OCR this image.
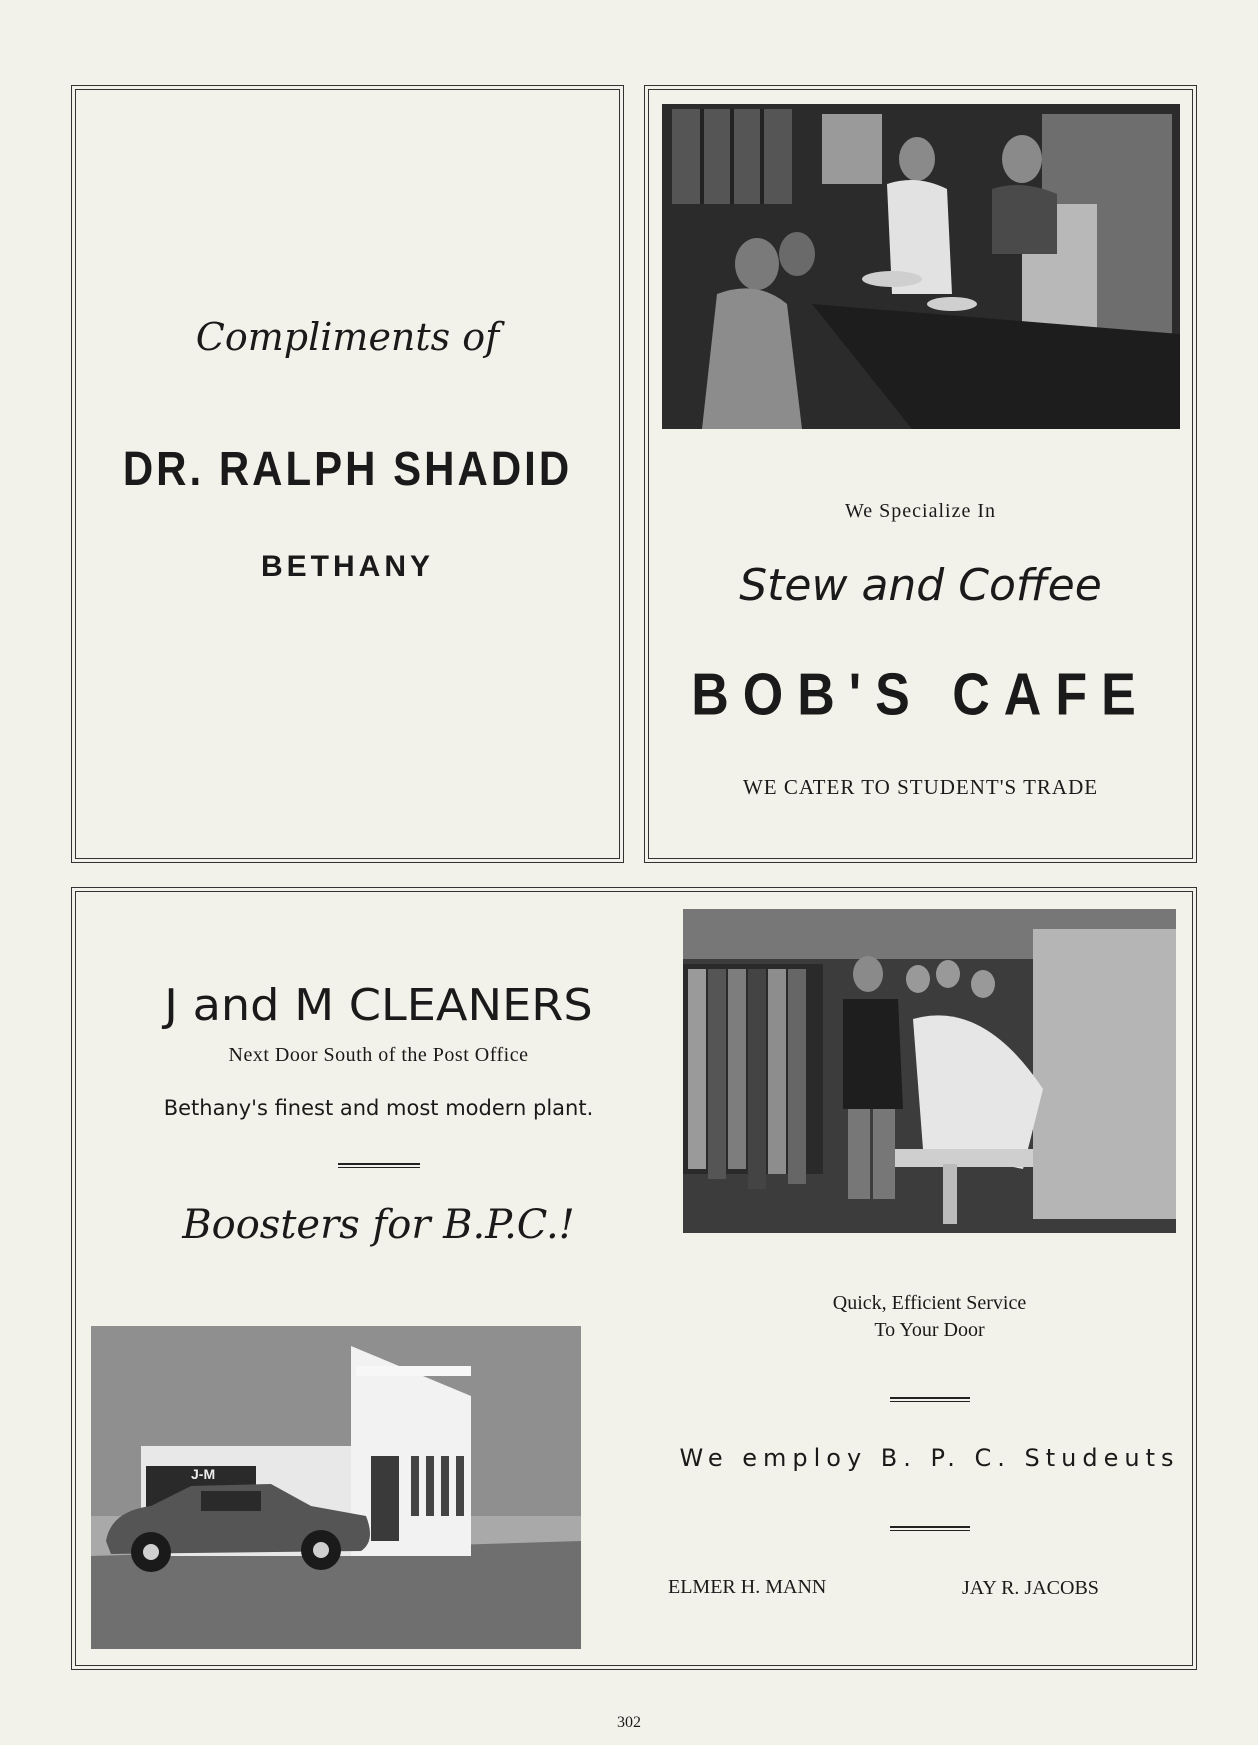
Compliments of
DR. RALPH SHADID
BETHANY
We Specialize In
Stew and Coffee
BOB'S CAFE
WE CATER TO STUDENT'S TRADE
J and M CLEANERS
Next Door South of the Post Office
Bethany's finest and most modern plant.
Boosters for B.P.C.!
Quick, Efficient Service
To Your Door
We employ B. P. C. Studeuts
ELMER H. MANN	JAY R. JACOBS
J-M
302
